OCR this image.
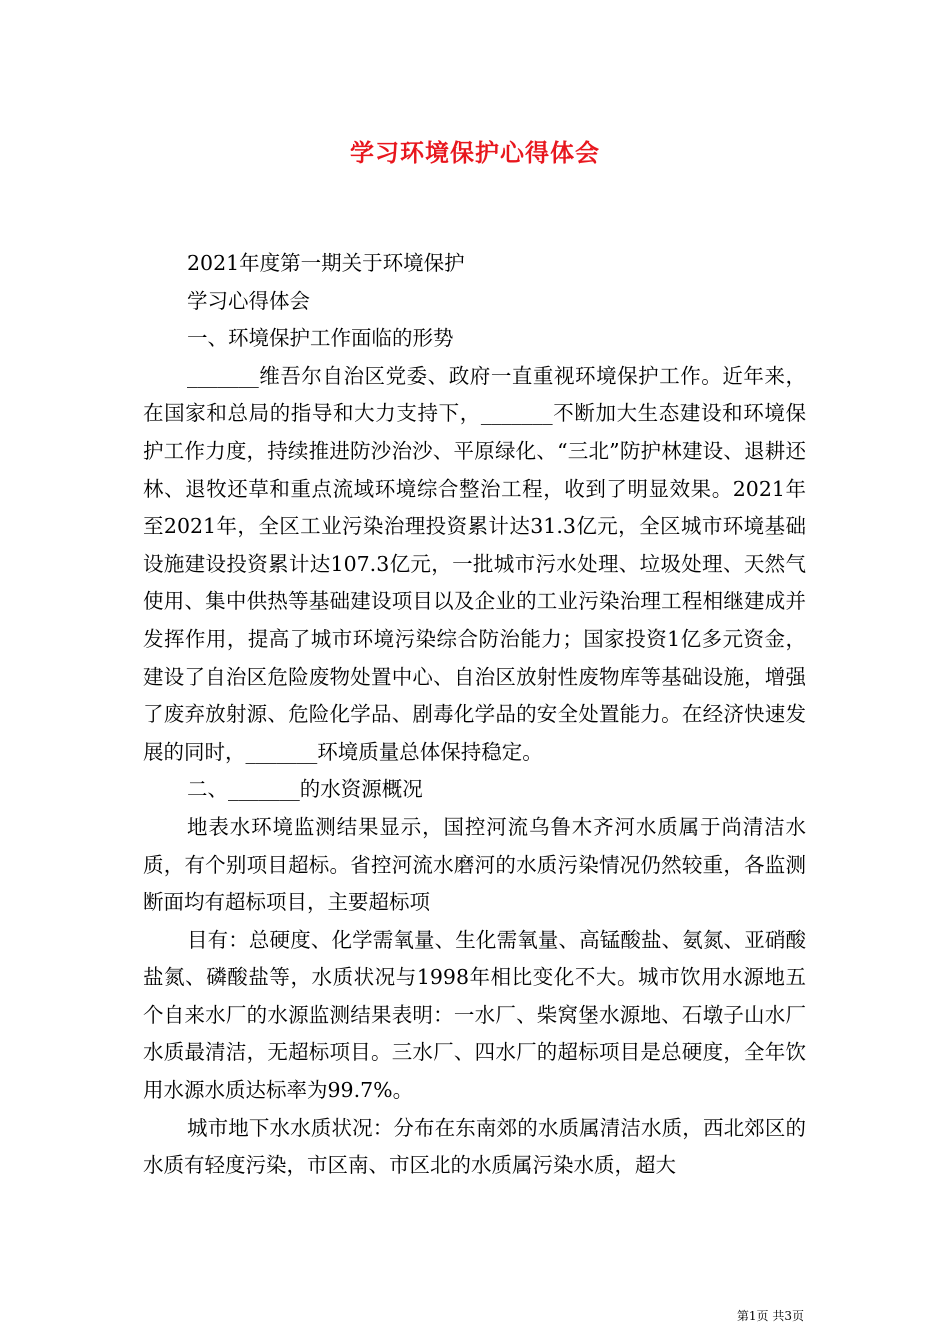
学习环境保护心得体会

2021年度第一期关于环境保护

学习心得体会

一、环境保护工作面临的形势

_______维吾尔自治区党委、政府一直重视环境保护工作。近年来，在国家和总局的指导和大力支持下，_______不断加大生态建设和环境保护工作力度，持续推进防沙治沙、平原绿化、“三北”防护林建设、退耕还林、退牧还草和重点流域环境综合整治工程，收到了明显效果。2021年至2021年，全区工业污染治理投资累计达31.3亿元，全区城市环境基础设施建设投资累计达107.3亿元，一批城市污水处理、垃圾处理、天然气使用、集中供热等基础建设项目以及企业的工业污染治理工程相继建成并发挥作用，提高了城市环境污染综合防治能力；国家投资1亿多元资金，建设了自治区危险废物处置中心、自治区放射性废物库等基础设施，增强了废弃放射源、危险化学品、剧毒化学品的安全处置能力。在经济快速发展的同时，_______环境质量总体保持稳定。

二、_______的水资源概况

地表水环境监测结果显示，国控河流乌鲁木齐河水质属于尚清洁水质，有个别项目超标。省控河流水磨河的水质污染情况仍然较重，各监测断面均有超标项目，主要超标项

目有：总硬度、化学需氧量、生化需氧量、高锰酸盐、氨氮、亚硝酸盐氮、磷酸盐等，水质状况与1998年相比变化不大。城市饮用水源地五个自来水厂的水源监测结果表明：一水厂、柴窝堡水源地、石墩子山水厂水质最清洁，无超标项目。三水厂、四水厂的超标项目是总硬度，全年饮用水源水质达标率为99.7%。

城市地下水水质状况：分布在东南郊的水质属清洁水质，西北郊区的水质有轻度污染，市区南、市区北的水质属污染水质，超大

第1页 共3页
